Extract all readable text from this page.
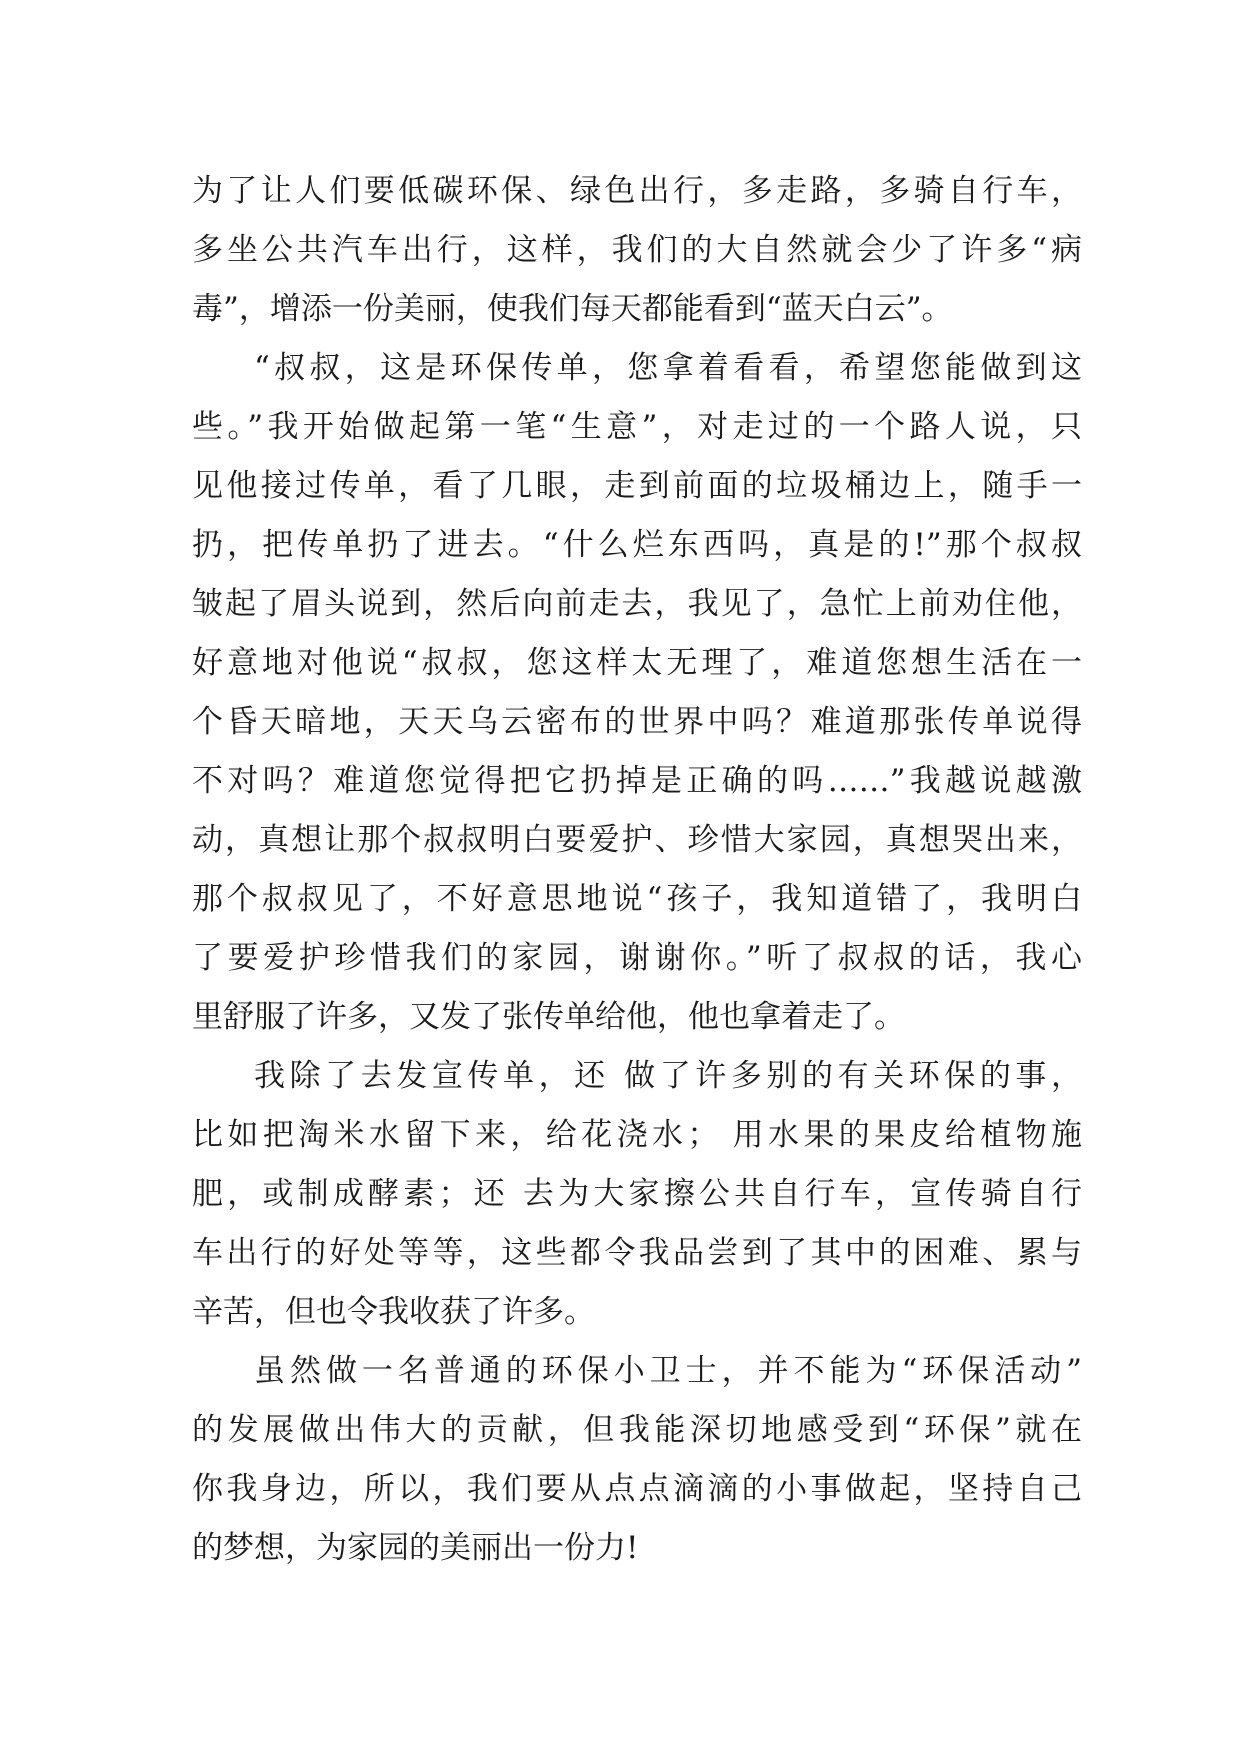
为了让人们要低碳环保、绿色出行，多走路，多骑自行车，
多坐公共汽车出行，这样，我们的大自然就会少了许多“病
毒”，增添一份美丽，使我们每天都能看到“蓝天白云”。
“叔叔，这是环保传单，您拿着看看，希望您能做到这
些。”我开始做起第一笔“生意”，对走过的一个路人说，只
见他接过传单，看了几眼，走到前面的垃圾桶边上，随手一
扔，把传单扔了进去。“什么烂东西吗，真是的!”那个叔叔
皱起了眉头说到，然后向前走去，我见了，急忙上前劝住他，
好意地对他说“叔叔，您这样太无理了，难道您想生活在一
个昏天暗地，天天乌云密布的世界中吗？难道那张传单说得
不对吗？难道您觉得把它扔掉是正确的吗……”我越说越激
动，真想让那个叔叔明白要爱护、珍惜大家园，真想哭出来，
那个叔叔见了，不好意思地说“孩子，我知道错了，我明白
了要爱护珍惜我们的家园，谢谢你。”听了叔叔的话，我心
里舒服了许多，又发了张传单给他，他也拿着走了。
我除了去发宣传单，还 做了许多别的有关环保的事，
比如把淘米水留下来，给花浇水； 用水果的果皮给植物施
肥，或制成酵素；还 去为大家擦公共自行车，宣传骑自行
车出行的好处等等，这些都令我品尝到了其中的困难、累与
辛苦，但也令我收获了许多。
虽然做一名普通的环保小卫士，并不能为“环保活动”
的发展做出伟大的贡献，但我能深切地感受到“环保”就在
你我身边，所以，我们要从点点滴滴的小事做起，坚持自己
的梦想，为家园的美丽出一份力!
